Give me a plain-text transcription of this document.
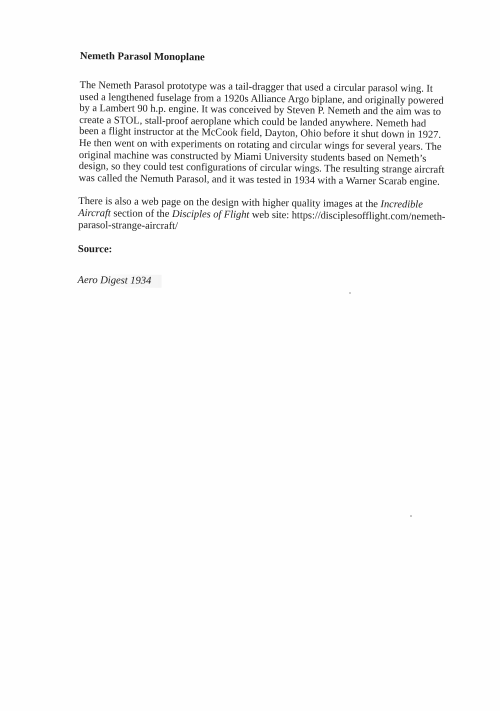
Nemeth Parasol Monoplane

The Nemeth Parasol prototype was a tail-dragger that used a circular parasol wing. It used a lengthened fuselage from a 1920s Alliance Argo biplane, and originally powered by a Lambert 90 h.p. engine. It was conceived by Steven P. Nemeth and the aim was to create a STOL, stall-proof aeroplane which could be landed anywhere. Nemeth had been a flight instructor at the McCook field, Dayton, Ohio before it shut down in 1927. He then went on with experiments on rotating and circular wings for several years. The original machine was constructed by Miami University students based on Nemeth’s design, so they could test configurations of circular wings. The resulting strange aircraft was called the Nemuth Parasol, and it was tested in 1934 with a Warner Scarab engine.

There is also a web page on the design with higher quality images at the Incredible Aircraft section of the Disciples of Flight web site: https://disciplesofflight.com/nemeth-parasol-strange-aircraft/

Source:

Aero Digest 1934
